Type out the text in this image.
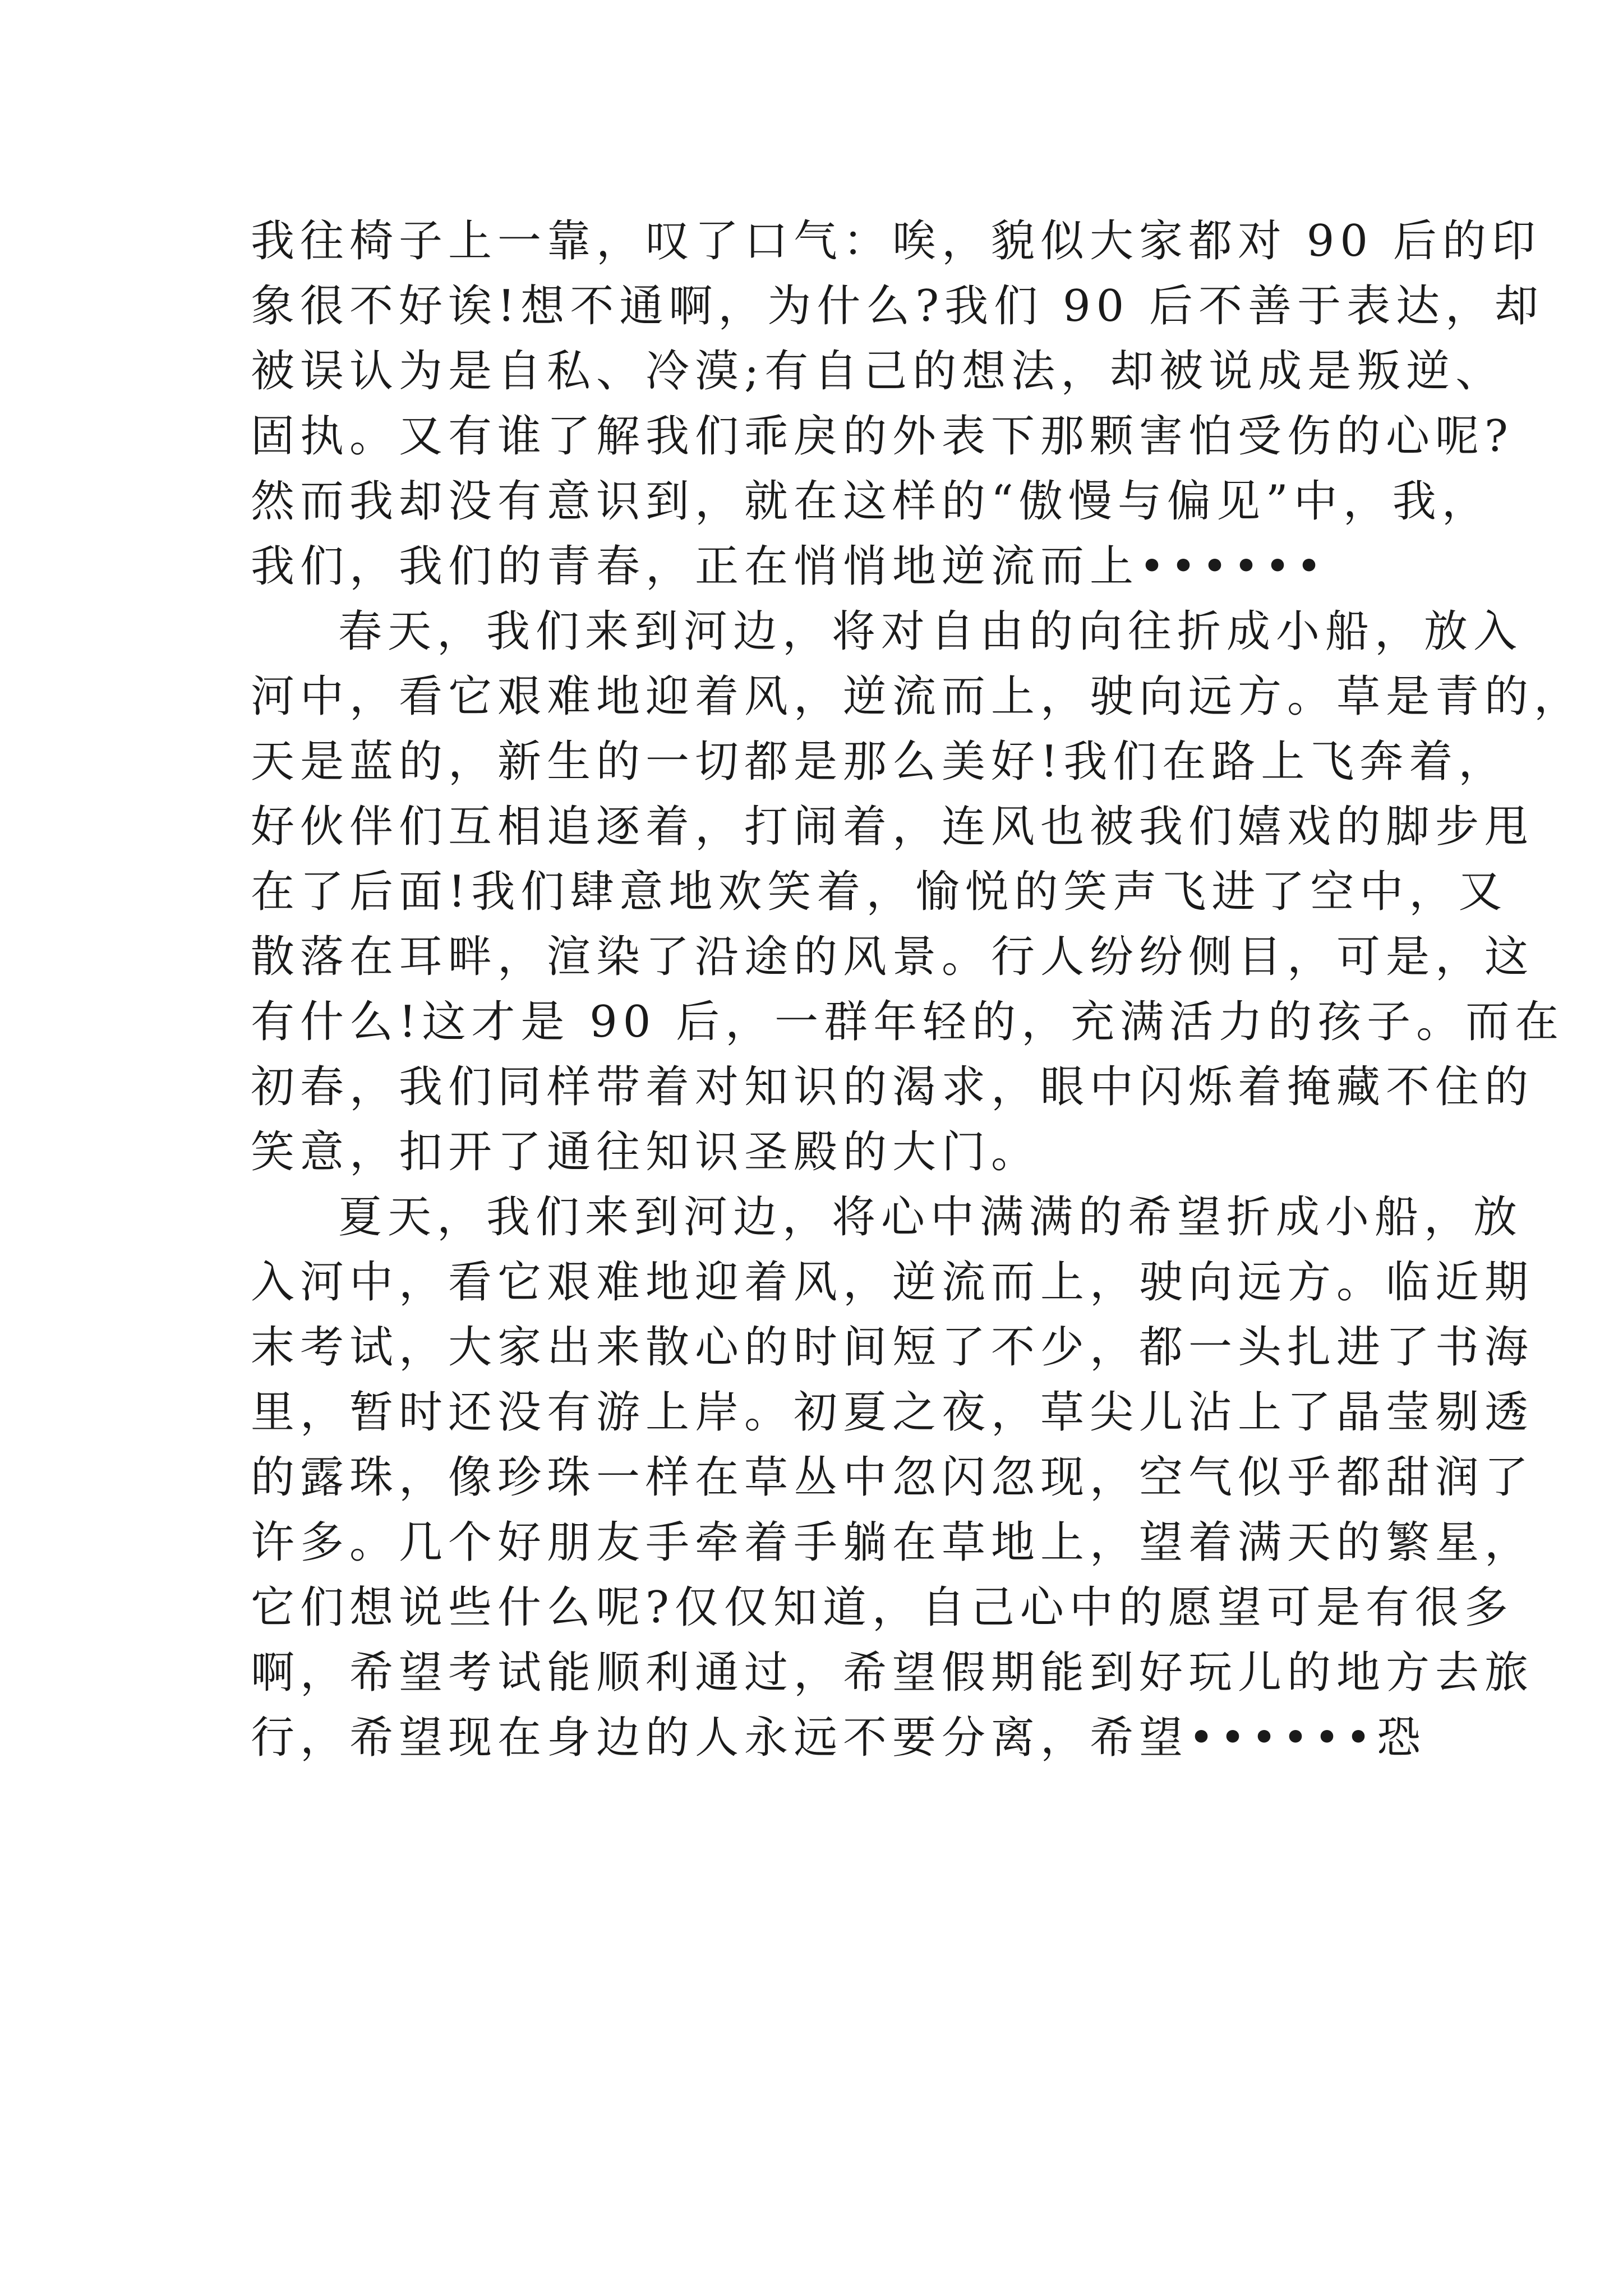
我往椅子上一靠，叹了口气：唉，貌似大家都对 90 后的印
象很不好诶!想不通啊，为什么?我们 90 后不善于表达，却
被误认为是自私、冷漠;有自己的想法，却被说成是叛逆、
固执。又有谁了解我们乖戾的外表下那颗害怕受伤的心呢?
然而我却没有意识到，就在这样的“傲慢与偏见”中，我，
我们，我们的青春，正在悄悄地逆流而上••••••
春天，我们来到河边，将对自由的向往折成小船，放入
河中，看它艰难地迎着风，逆流而上，驶向远方。草是青的，
天是蓝的，新生的一切都是那么美好!我们在路上飞奔着，
好伙伴们互相追逐着，打闹着，连风也被我们嬉戏的脚步甩
在了后面!我们肆意地欢笑着，愉悦的笑声飞进了空中，又
散落在耳畔，渲染了沿途的风景。行人纷纷侧目，可是，这
有什么!这才是 90 后，一群年轻的，充满活力的孩子。而在
初春，我们同样带着对知识的渴求，眼中闪烁着掩藏不住的
笑意，扣开了通往知识圣殿的大门。
夏天，我们来到河边，将心中满满的希望折成小船，放
入河中，看它艰难地迎着风，逆流而上，驶向远方。临近期
末考试，大家出来散心的时间短了不少，都一头扎进了书海
里，暂时还没有游上岸。初夏之夜，草尖儿沾上了晶莹剔透
的露珠，像珍珠一样在草丛中忽闪忽现，空气似乎都甜润了
许多。几个好朋友手牵着手躺在草地上，望着满天的繁星，
它们想说些什么呢?仅仅知道，自己心中的愿望可是有很多
啊，希望考试能顺利通过，希望假期能到好玩儿的地方去旅
行，希望现在身边的人永远不要分离，希望••••••恐
